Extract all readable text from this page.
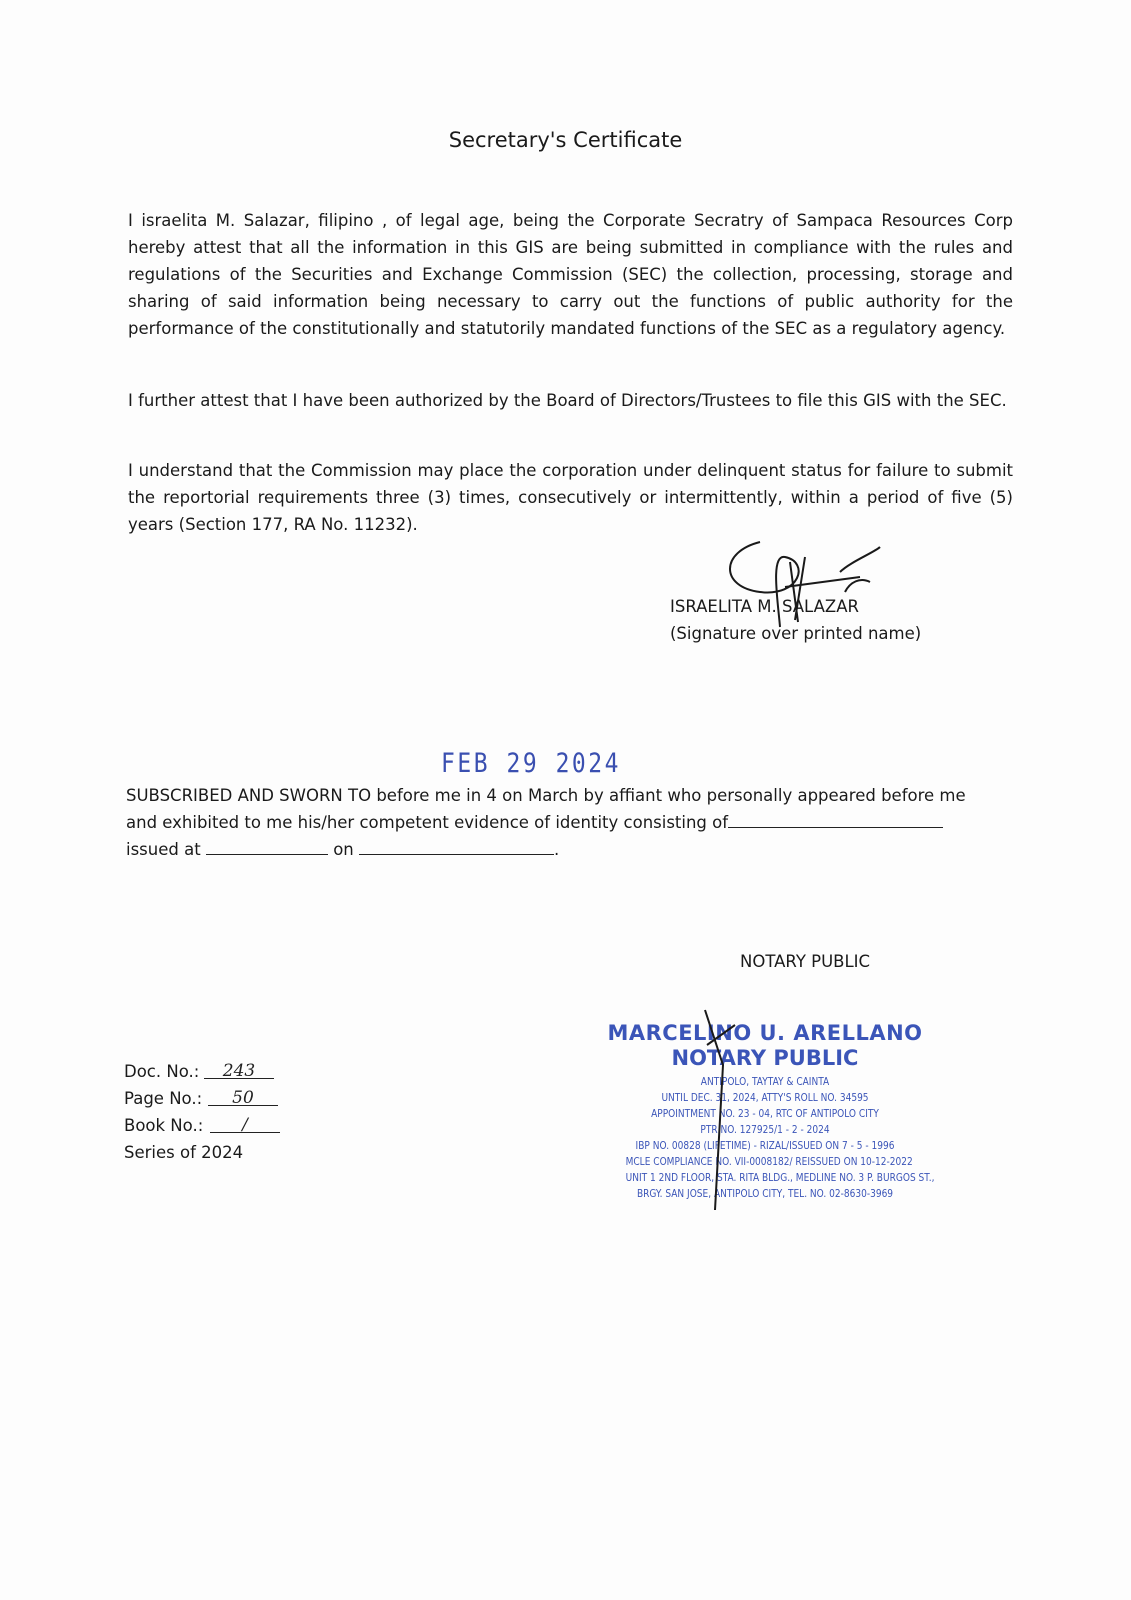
Secretary's Certificate
I israelita M. Salazar, filipino , of legal age, being the Corporate Secratry of Sampaca Resources Corp hereby attest that all the information in this GIS are being submitted in compliance with the rules and regulations of the Securities and Exchange Commission (SEC) the collection, processing, storage and sharing of said information being necessary to carry out the functions of public authority for the performance of the constitutionally and statutorily mandated functions of the SEC as a regulatory agency.
I further attest that I have been authorized by the Board of Directors/Trustees to file this GIS with the SEC.
I understand that the Commission may place the corporation under delinquent status for failure to submit the reportorial requirements three (3) times, consecutively or intermittently, within a period of five (5) years (Section 177, RA No. 11232).
ISRAELITA M. SALAZAR
(Signature over printed name)
FEB 29 2024
SUBSCRIBED AND SWORN TO before me in 4 on March by affiant who personally appeared before me
and exhibited to me his/her competent evidence of identity consisting of
issued at	on	.
NOTARY PUBLIC
MARCELINO U. ARELLANO
NOTARY PUBLIC
ANTIPOLO, TAYTAY & CAINTA
UNTIL DEC. 31, 2024, ATTY'S ROLL NO. 34595
APPOINTMENT NO. 23 - 04, RTC OF ANTIPOLO CITY
PTR NO. 127925/1 - 2 - 2024
IBP NO. 00828 (LIFETIME) - RIZAL/ISSUED ON 7 - 5 - 1996
MCLE COMPLIANCE NO. VII-0008182/ REISSUED ON 10-12-2022
UNIT 1 2ND FLOOR, STA. RITA BLDG., MEDLINE NO. 3 P. BURGOS ST.,
BRGY. SAN JOSE, ANTIPOLO CITY, TEL. NO. 02-8630-3969
Doc. No.:	243
Page No.:	50
Book No.:	/
Series of 2024
